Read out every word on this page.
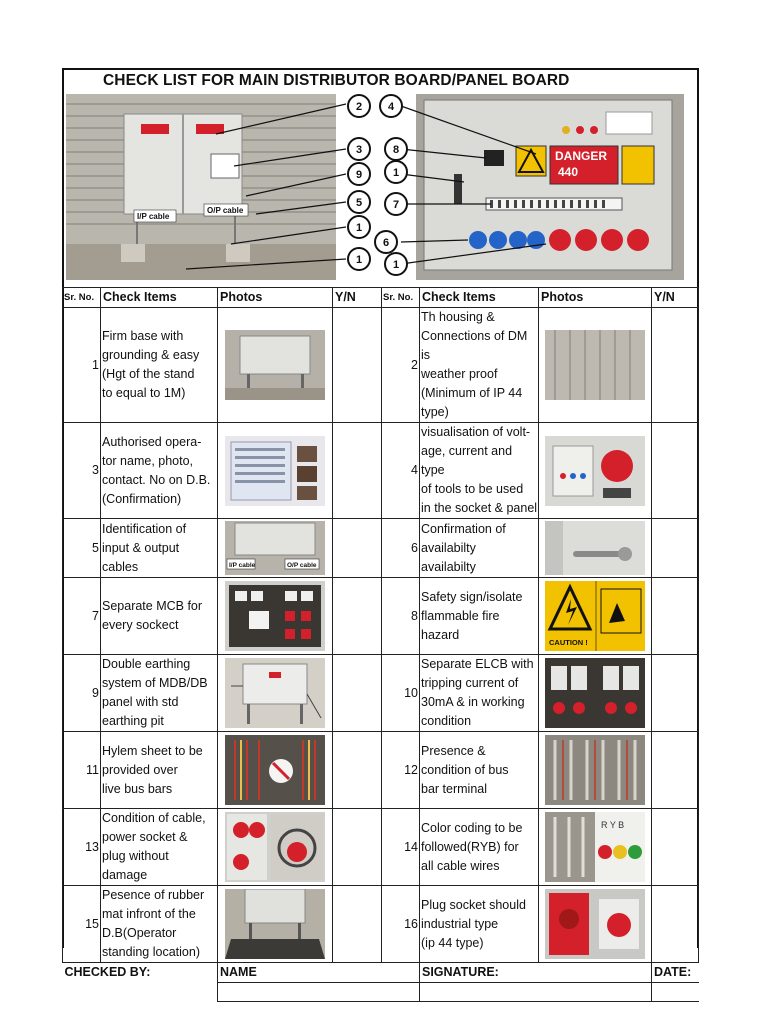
CHECK LIST FOR MAIN DISTRIBUTOR BOARD/PANEL BOARD
I/P cable
O/P cable
DANGER
440
2
3
9
5
1
1
4
8
1
7
6
1
Sr. No.	Check Items	Photos	Y/N	Sr. No.	Check Items	Photos	Y/N
1	Firm base with
grounding & easy
(Hgt of the stand
to equal to 1M)			2	Th housing &
Connections of DM is
weather proof
(Minimum of IP 44 type)	

3	Authorised opera-
tor name, photo,
contact. No on D.B.
(Confirmation)			4	visualisation of volt-
age, current and type
of tools to be used
in the socket & panel	

5	Identification of
input & output
cables	I/P cable O/P cable		6	Confirmation of
availabilty
availabilty	

7	Separate MCB for
every sockect			8	Safety sign/isolate
flammable fire
hazard	CAUTION !	

9	Double earthing
system of MDB/DB
panel with std
earthing pit			10	Separate ELCB with
tripping current of
30mA & in working
condition	

11	Hylem sheet to be
provided over
live bus bars			12	Presence &
condition of bus
bar terminal	

13	Condition of cable,
power socket &
plug without
damage			14	Color coding to be
followed(RYB) for
all cable wires	R Y B	

15	Pesence of rubber
mat infront of the
D.B(Operator
standing location)			16	Plug socket should
industrial type
(ip 44 type)	

CHECKED BY:		NAME			SIGNATURE:		DATE:
